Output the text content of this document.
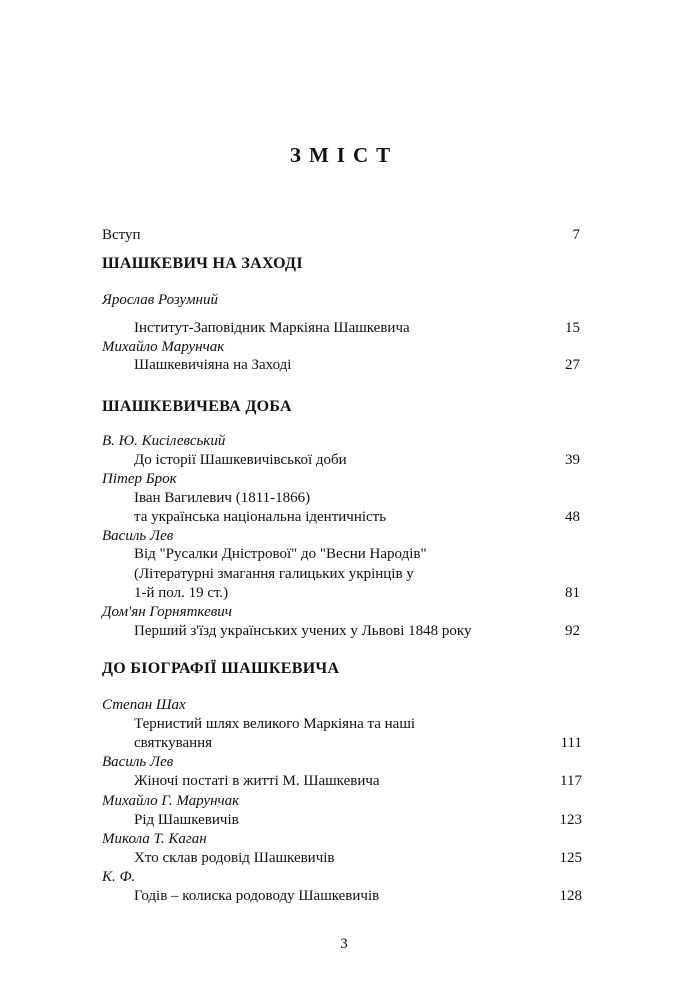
ЗМІСТ
Вступ	7
ШАШКЕВИЧ НА ЗАХОДІ
Ярослав Розумний
Інститут-Заповідник Маркіяна Шашкевича	15
Михайло Марунчак
Шашкевичіяна на Заході	27
ШАШКЕВИЧЕВА ДОБА
В. Ю. Кисілевський
До історії Шашкевичівської доби	39
Пітер Брок
Іван Вагилевич (1811-1866)
та українська національна ідентичність	48
Василь Лев
Від "Русалки Дністрової" до "Весни Народів"
(Літературні змагання галицьких укрінців у
1-й пол. 19 ст.)	81
Дом'ян Горняткевич
Перший з'їзд українських учених у Львові 1848 року	92
ДО БІОГРАФІЇ ШАШКЕВИЧА
Степан Шах
Тернистий шлях великого Маркіяна та наші
святкування	111
Василь Лев
Жіночі постаті в житті М. Шашкевича	117
Михайло Г. Марунчак
Рід Шашкевичів	123
Микола Т. Каган
Хто склав родовід Шашкевичів	125
К. Ф.
Годів – колиска родоводу Шашкевичів	128
3
